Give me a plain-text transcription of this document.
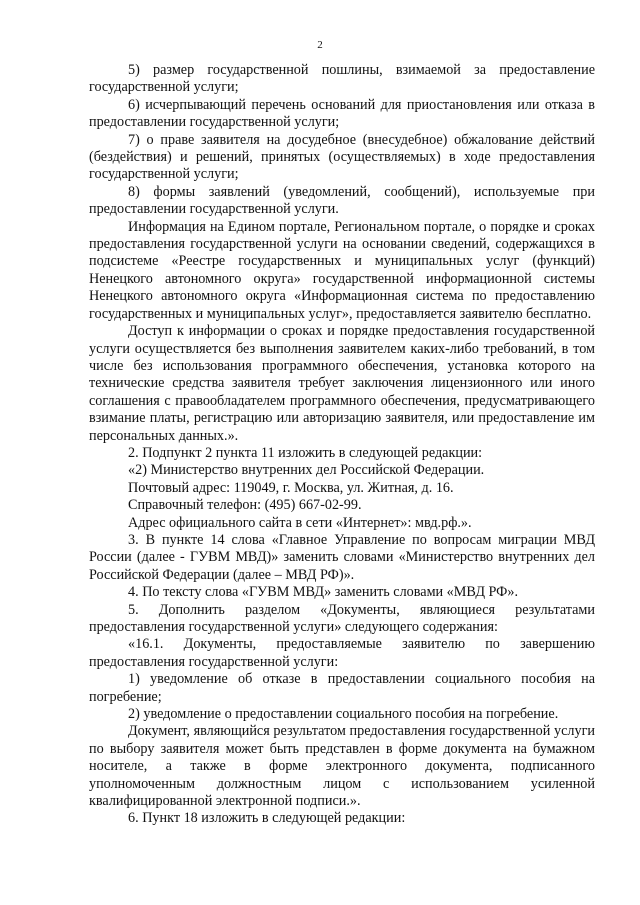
2

5) размер государственной пошлины, взимаемой за предоставление государственной услуги;

6) исчерпывающий перечень оснований для приостановления или отказа в предоставлении государственной услуги;

7) о праве заявителя на досудебное (внесудебное) обжалование действий (бездействия) и решений, принятых (осуществляемых) в ходе предоставления государственной услуги;

8) формы заявлений (уведомлений, сообщений), используемые при предоставлении государственной услуги.

Информация на Едином портале, Региональном портале, о порядке и сроках предоставления государственной услуги на основании сведений, содержащихся в подсистеме «Реестре государственных и муниципальных услуг (функций) Ненецкого автономного округа» государственной информационной системы Ненецкого автономного округа «Информационная система по предоставлению государственных и муниципальных услуг», предоставляется заявителю бесплатно.

Доступ к информации о сроках и порядке предоставления государственной услуги осуществляется без выполнения заявителем каких-либо требований, в том числе без использования программного обеспечения, установка которого на технические средства заявителя требует заключения лицензионного или иного соглашения с правообладателем программного обеспечения, предусматривающего взимание платы, регистрацию или авторизацию заявителя, или предоставление им персональных данных.».

2. Подпункт 2 пункта 11 изложить в следующей редакции:

«2) Министерство внутренних дел Российской Федерации.

Почтовый адрес: 119049, г. Москва, ул. Житная, д. 16.

Справочный телефон: (495) 667-02-99.

Адрес официального сайта в сети «Интернет»: мвд.рф.».

3. В пункте 14 слова «Главное Управление по вопросам миграции МВД России (далее - ГУВМ МВД)» заменить словами «Министерство внутренних дел Российской Федерации (далее – МВД РФ)».

4. По тексту слова «ГУВМ МВД» заменить словами «МВД РФ».

5. Дополнить разделом «Документы, являющиеся результатами предоставления государственной услуги» следующего содержания:

«16.1. Документы, предоставляемые заявителю по завершению предоставления государственной услуги:

1) уведомление об отказе в предоставлении социального пособия на погребение;

2) уведомление о предоставлении социального пособия на погребение.

Документ, являющийся результатом предоставления государственной услуги по выбору заявителя может быть представлен в форме документа на бумажном носителе, а также в форме электронного документа, подписанного уполномоченным должностным лицом с использованием усиленной квалифицированной электронной подписи.».

6. Пункт 18 изложить в следующей редакции:
